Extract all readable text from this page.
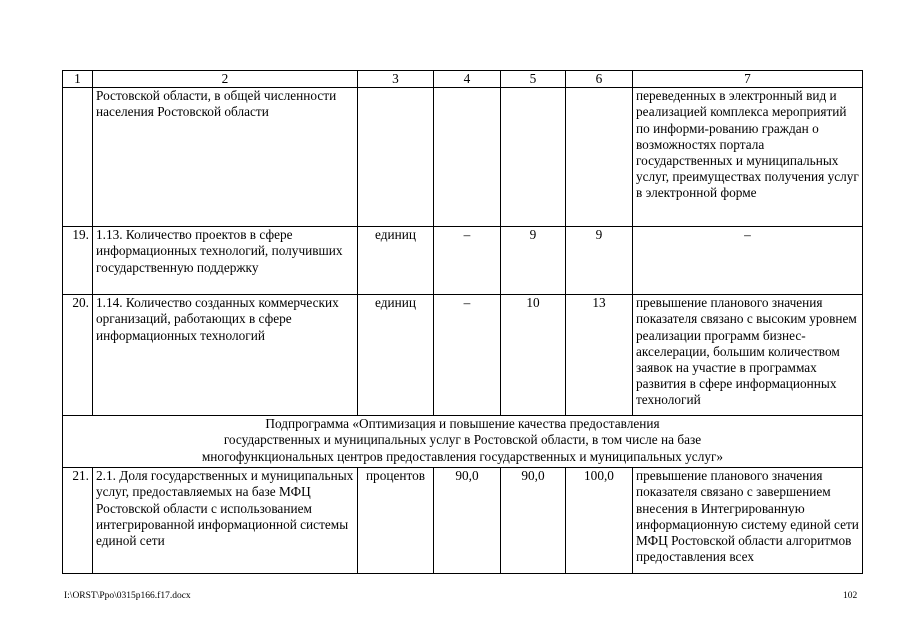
1	2	3	4	5	6	7
	Ростовской области, в общей численности населения Ростовской области					переведенных в электронный вид и реализацией комплекса мероприятий по информи-рованию граждан о возможностях портала государственных и муниципальных услуг, преимуществах получения услуг в электронной форме
19.	1.13. Количество проектов в сфере информационных технологий, получивших государственную поддержку	единиц	–	9	9	–
20.	1.14. Количество созданных коммерческих организаций, работающих в сфере информационных технологий	единиц	–	10	13	превышение планового значения показателя связано с высоким уровнем реализации программ бизнес-акселерации, большим количеством заявок на участие в программах развития в сфере информационных технологий

Подпрограмма «Оптимизация и повышение качества предоставления
государственных и муниципальных услуг в Ростовской области, в том числе на базе
многофункциональных центров предоставления государственных и муниципальных услуг»						

21.	2.1. Доля государственных и муниципальных услуг, предоставляемых на базе МФЦ Ростовской области с использованием интегрированной информационной системы единой сети	процентов	90,0	90,0	100,0	превышение планового значения показателя связано с завершением внесения в Интегрированную информационную систему единой сети МФЦ Ростовской области алгоритмов предоставления всех
I:\ORST\Ppo\0315p166.f17.docx	102
